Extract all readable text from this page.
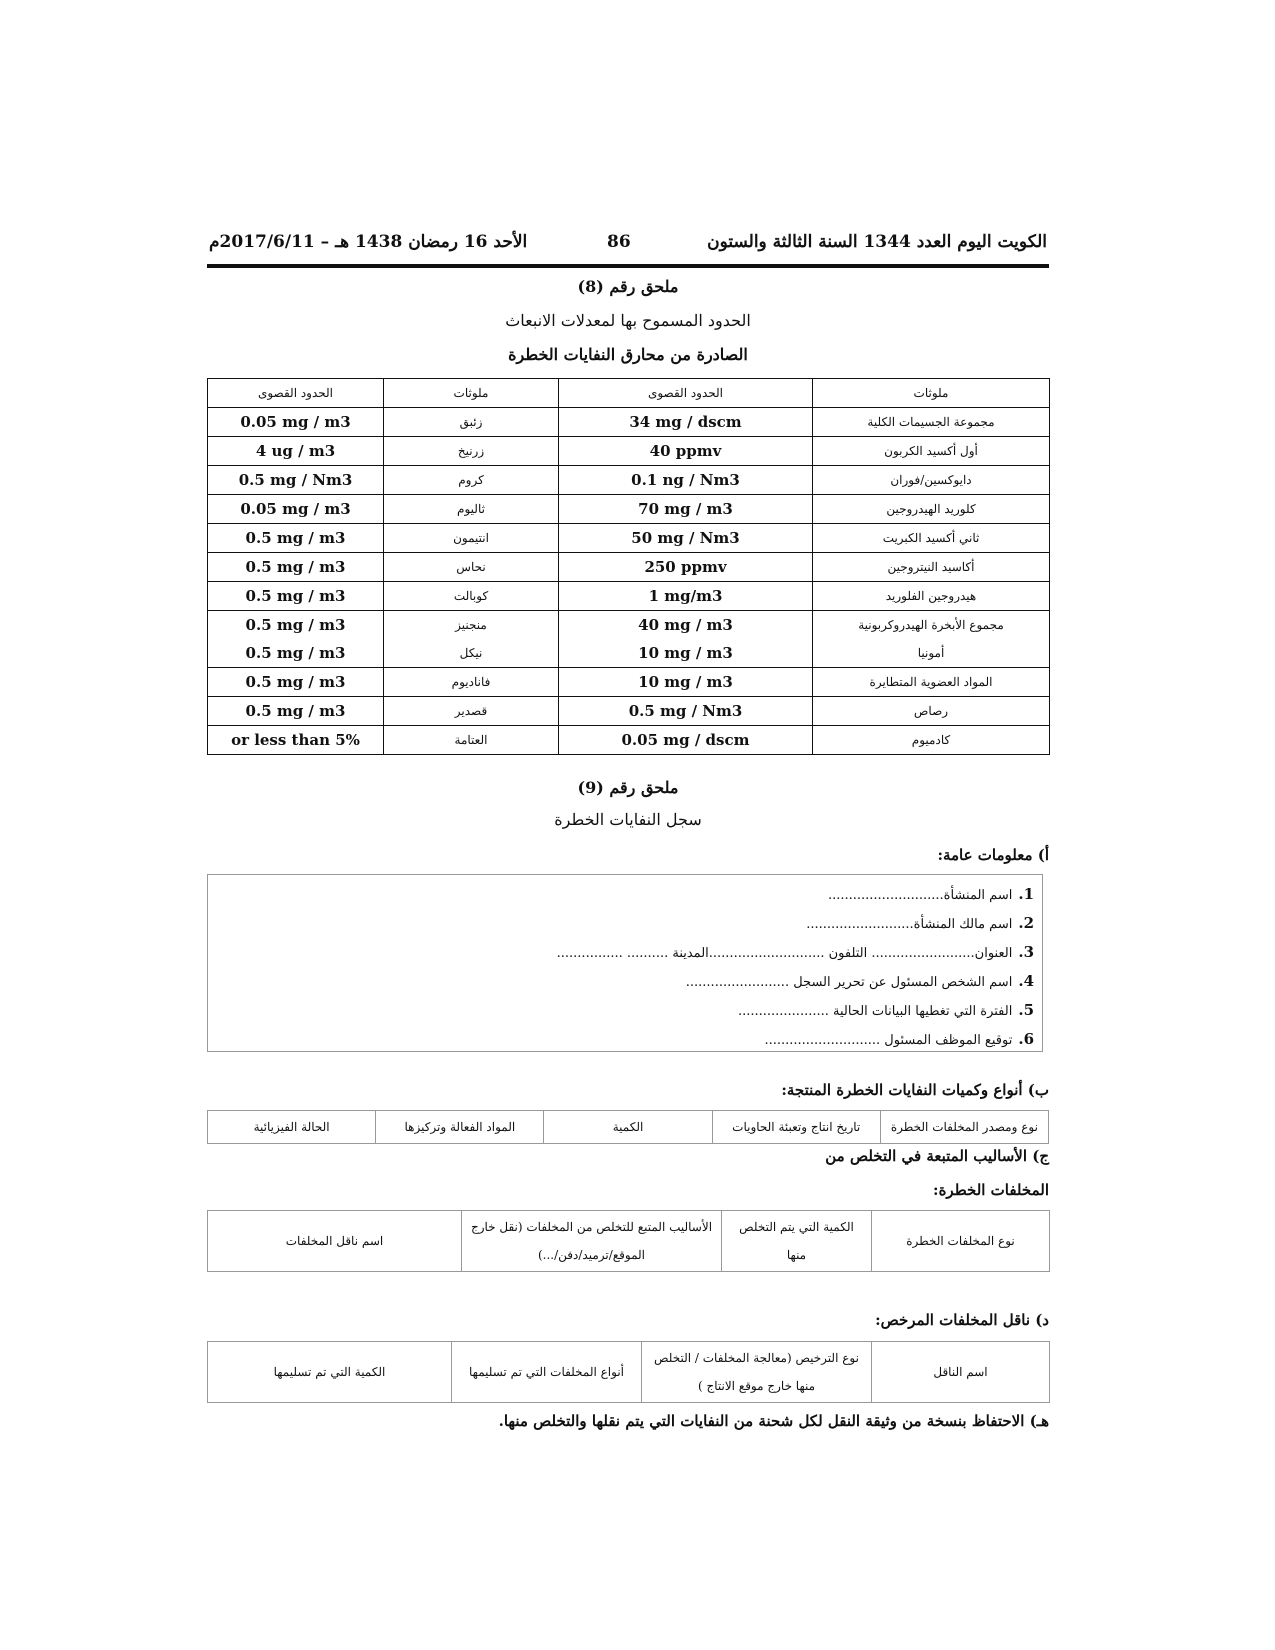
الكويت اليوم العدد 1344 السنة الثالثة والستون
86
الأحد 16 رمضان 1438 هـ – 2017/6/11م
ملحق رقم (8)
الحدود المسموح بها لمعدلات الانبعاث
الصادرة من محارق النفايات الخطرة
الحدود القصوى	ملوثات	الحدود القصوى	ملوثات
0.05 mg / m3	زئبق	34 mg / dscm	مجموعة الجسيمات الكلية
4 ug / m3	زرنيخ	40 ppmv	أول أكسيد الكربون
0.5 mg / Nm3	كروم	0.1 ng / Nm3	دايوكسين/فوران
0.05 mg / m3	ثاليوم	70 mg / m3	كلوريد الهيدروجين
0.5 mg / m3	انتيمون	50 mg / Nm3	ثاني أكسيد الكبريت
0.5 mg / m3	نحاس	250 ppmv	أكاسيد النيتروجين
0.5 mg / m3	كوبالت	1 mg/m3	هيدروجين الفلوريد
0.5 mg / m3	منجنيز	40 mg / m3	مجموع الأبخرة الهيدروكربونية
0.5 mg / m3	نيكل	10 mg / m3	أمونيا
0.5 mg / m3	فاناديوم	10 mg / m3	المواد العضوية المتطايرة
0.5 mg / m3	قصدير	0.5 mg / Nm3	رصاص
or less than 5%	العتامة	0.05 mg / dscm	كادميوم
ملحق رقم (9)
سجل النفايات الخطرة
أ) معلومات عامة:
1.اسم المنشأة............................
2.اسم مالك المنشأة..........................
3.العنوان......................... التلفون ............................المدينة .......... ................
4.اسم الشخص المسئول عن تحرير السجل .........................
5.الفترة التي تغطيها البيانات الحالية ......................
6.توقيع الموظف المسئول ............................
ب) أنواع وكميات النفايات الخطرة المنتجة:
نوع ومصدر المخلفات الخطرة	تاريخ انتاج وتعبئة الحاويات	الكمية	المواد الفعالة وتركيزها	الحالة الفيزيائية
ج) الأساليب المتبعة في التخلص من
المخلفات الخطرة:
نوع المخلفات الخطرة	الكمية التي يتم التخلص منها	الأساليب المتبع للتخلص من المخلفات (نقل خارج الموقع/ترميد/دفن/...)	اسم ناقل المخلفات
د) ناقل المخلفات المرخص:
اسم الناقل	نوع الترخيص (معالجة المخلفات / التخلص منها خارج موقع الانتاج )	أنواع المخلفات التي تم تسليمها	الكمية التي تم تسليمها
هـ) الاحتفاظ بنسخة من وثيقة النقل لكل شحنة من النفايات التي يتم نقلها والتخلص منها.
